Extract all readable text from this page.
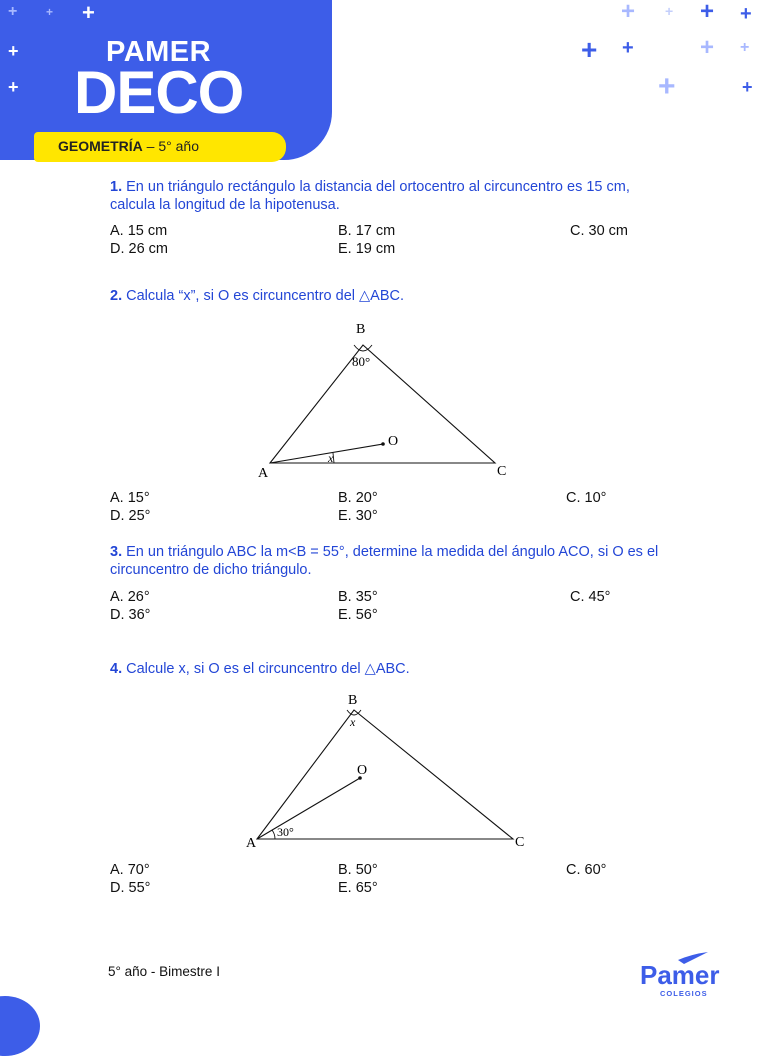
PAMER
DECO
+ + +
+
+
+ + + +
+ +	+ +
+	+
GEOMETRÍA – 5° año
1. En un triángulo rectángulo la distancia del ortocentro al circuncentro es 15 cm, calcula la longitud de la hipotenusa.
A. 15 cm	B. 17 cm	C. 30 cm
D. 26 cm	E. 19 cm
2. Calcula “x”, si O es circuncentro del △ABC.
B
80°
O
A	C
x
A. 15°	B. 20°	C. 10°
D. 25°	E. 30°
3. En un triángulo ABC la m<B = 55°, determine la medida del ángulo ACO, si O es el circuncentro de dicho triángulo.
A. 26°	B. 35°	C. 45°
D. 36°	E. 56°
4. Calcule x, si O es el circuncentro del △ABC.
B
x
O
A	C
30°
A. 70°	B. 50°	C. 60°
D. 55°	E. 65°
5° año - Bimestre I	Pamer
COLEGIOS
